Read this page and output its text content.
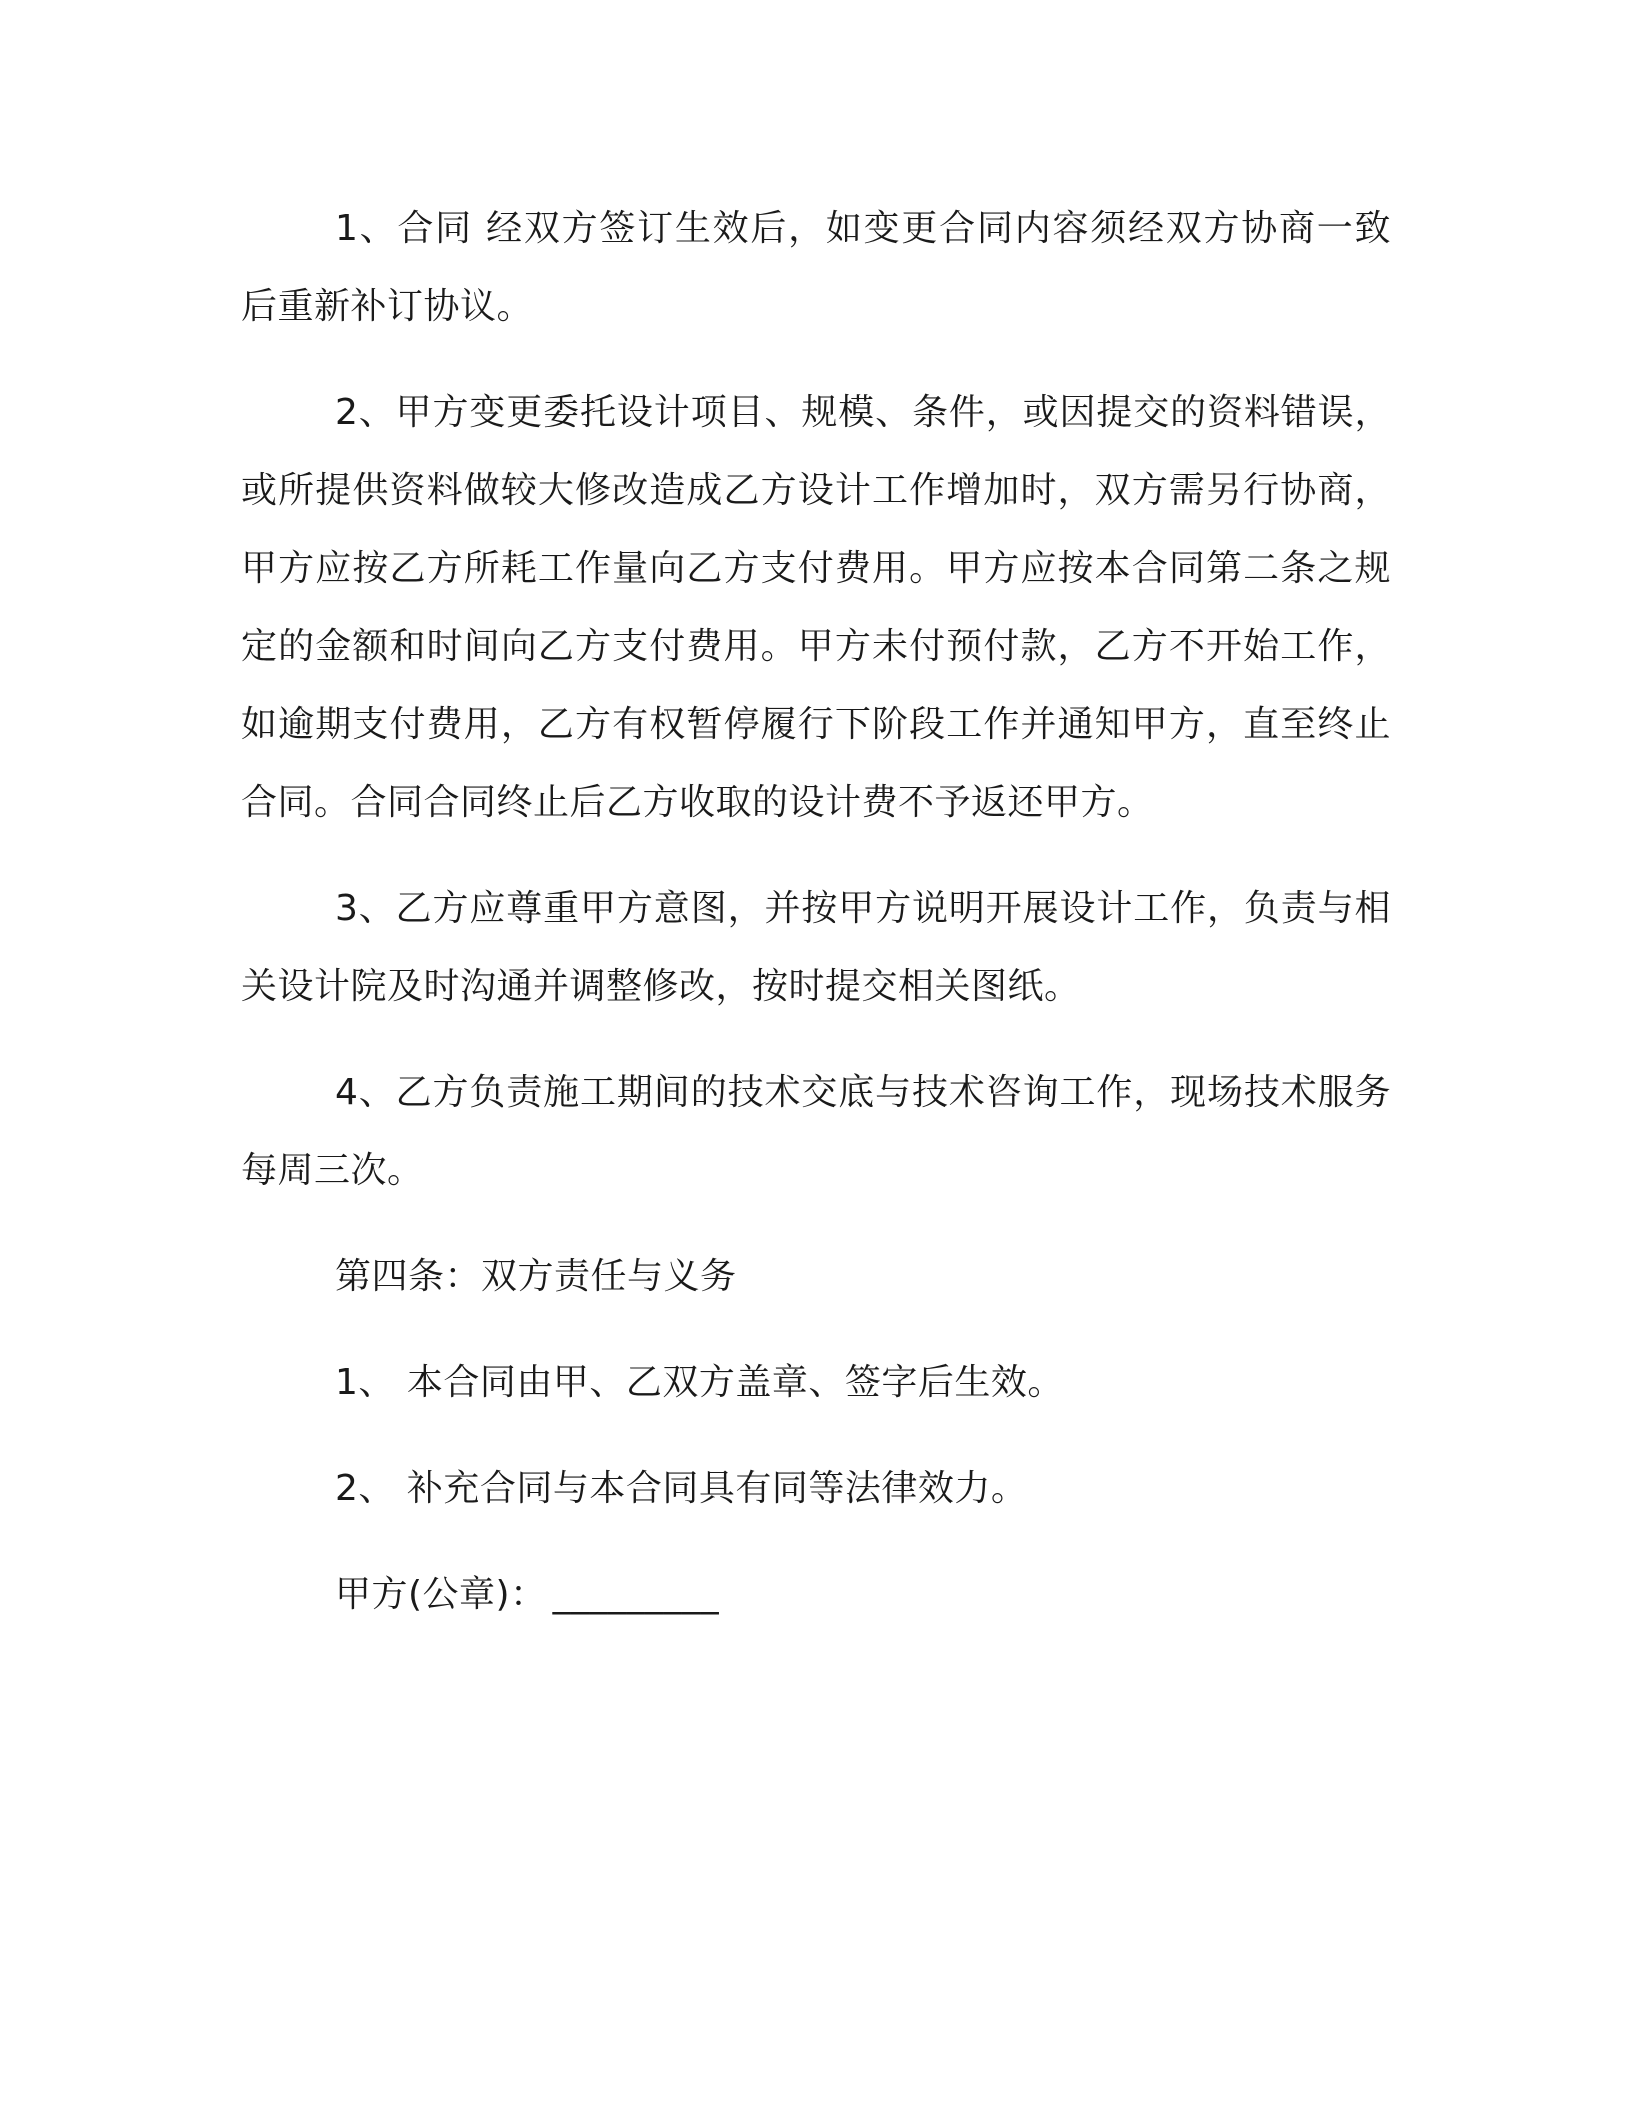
1、合同 经双方签订生效后，如变更合同内容须经双方协商一致后重新补订协议。

2、甲方变更委托设计项目、规模、条件，或因提交的资料错误，或所提供资料做较大修改造成乙方设计工作增加时，双方需另行协商，甲方应按乙方所耗工作量向乙方支付费用。甲方应按本合同第二条之规定的金额和时间向乙方支付费用。甲方未付预付款，乙方不开始工作，如逾期支付费用，乙方有权暂停履行下阶段工作并通知甲方，直至终止合同。合同合同终止后乙方收取的设计费不予返还甲方。

3、乙方应尊重甲方意图，并按甲方说明开展设计工作，负责与相关设计院及时沟通并调整修改，按时提交相关图纸。

4、乙方负责施工期间的技术交底与技术咨询工作，现场技术服务每周三次。

第四条：双方责任与义务

1、 本合同由甲、乙双方盖章、签字后生效。

2、 补充合同与本合同具有同等法律效力。

甲方(公章)： _________
